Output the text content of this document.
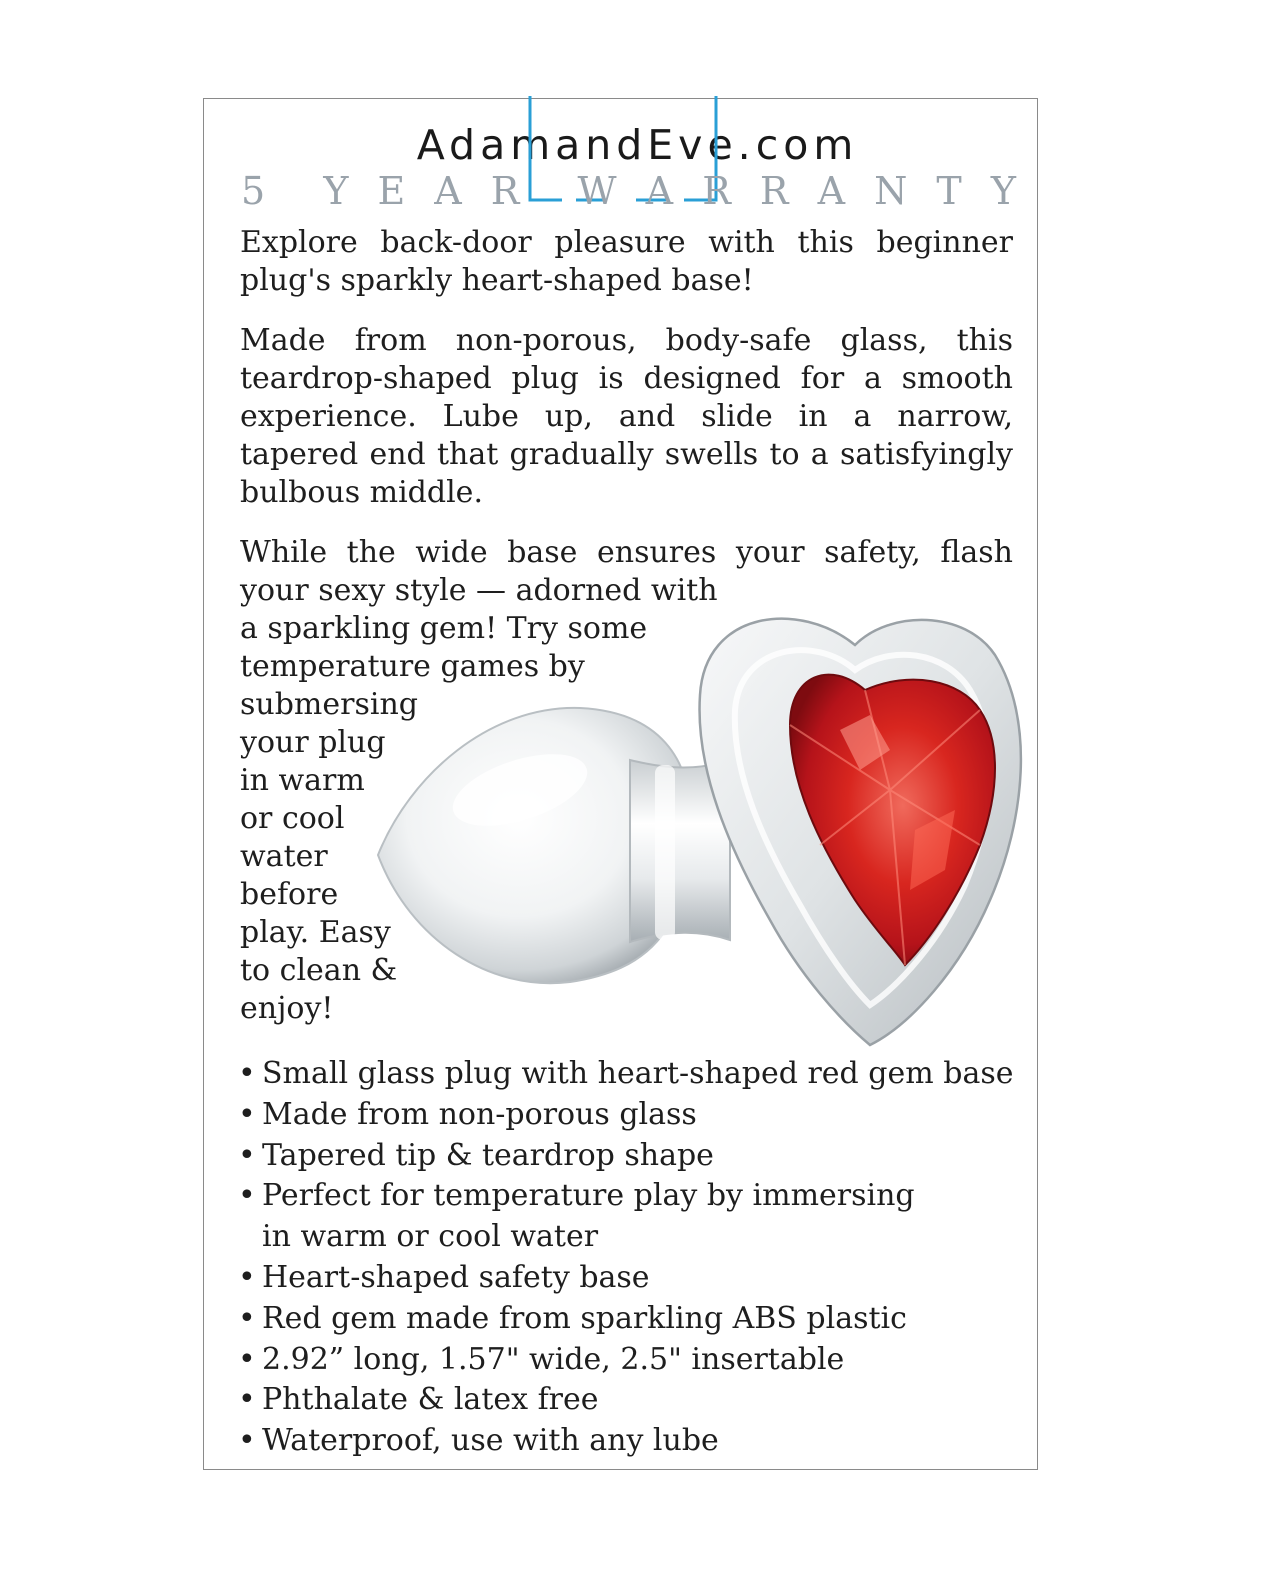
AdamandEve.com
5 Y E A R W A R R A N T Y

Explore back-door pleasure with this beginner
plug's sparkly heart-shaped base!

Made from non-porous, body-safe glass, this
teardrop-shaped plug is designed for a smooth
experience. Lube up, and slide in a narrow,
tapered end that gradually swells to a satisfyingly
bulbous middle.

While the wide base ensures your safety, flash
your sexy style — adorned with
a sparkling gem! Try some
temperature games by
submersing
your plug
in warm
or cool
water
before
play. Easy
to clean &
enjoy!

• Small glass plug with heart-shaped red gem base
• Made from non-porous glass
• Tapered tip & teardrop shape
• Perfect for temperature play by immersing
in warm or cool water
• Heart-shaped safety base
• Red gem made from sparkling ABS plastic
• 2.92” long, 1.57" wide, 2.5" insertable
• Phthalate & latex free
• Waterproof, use with any lube
